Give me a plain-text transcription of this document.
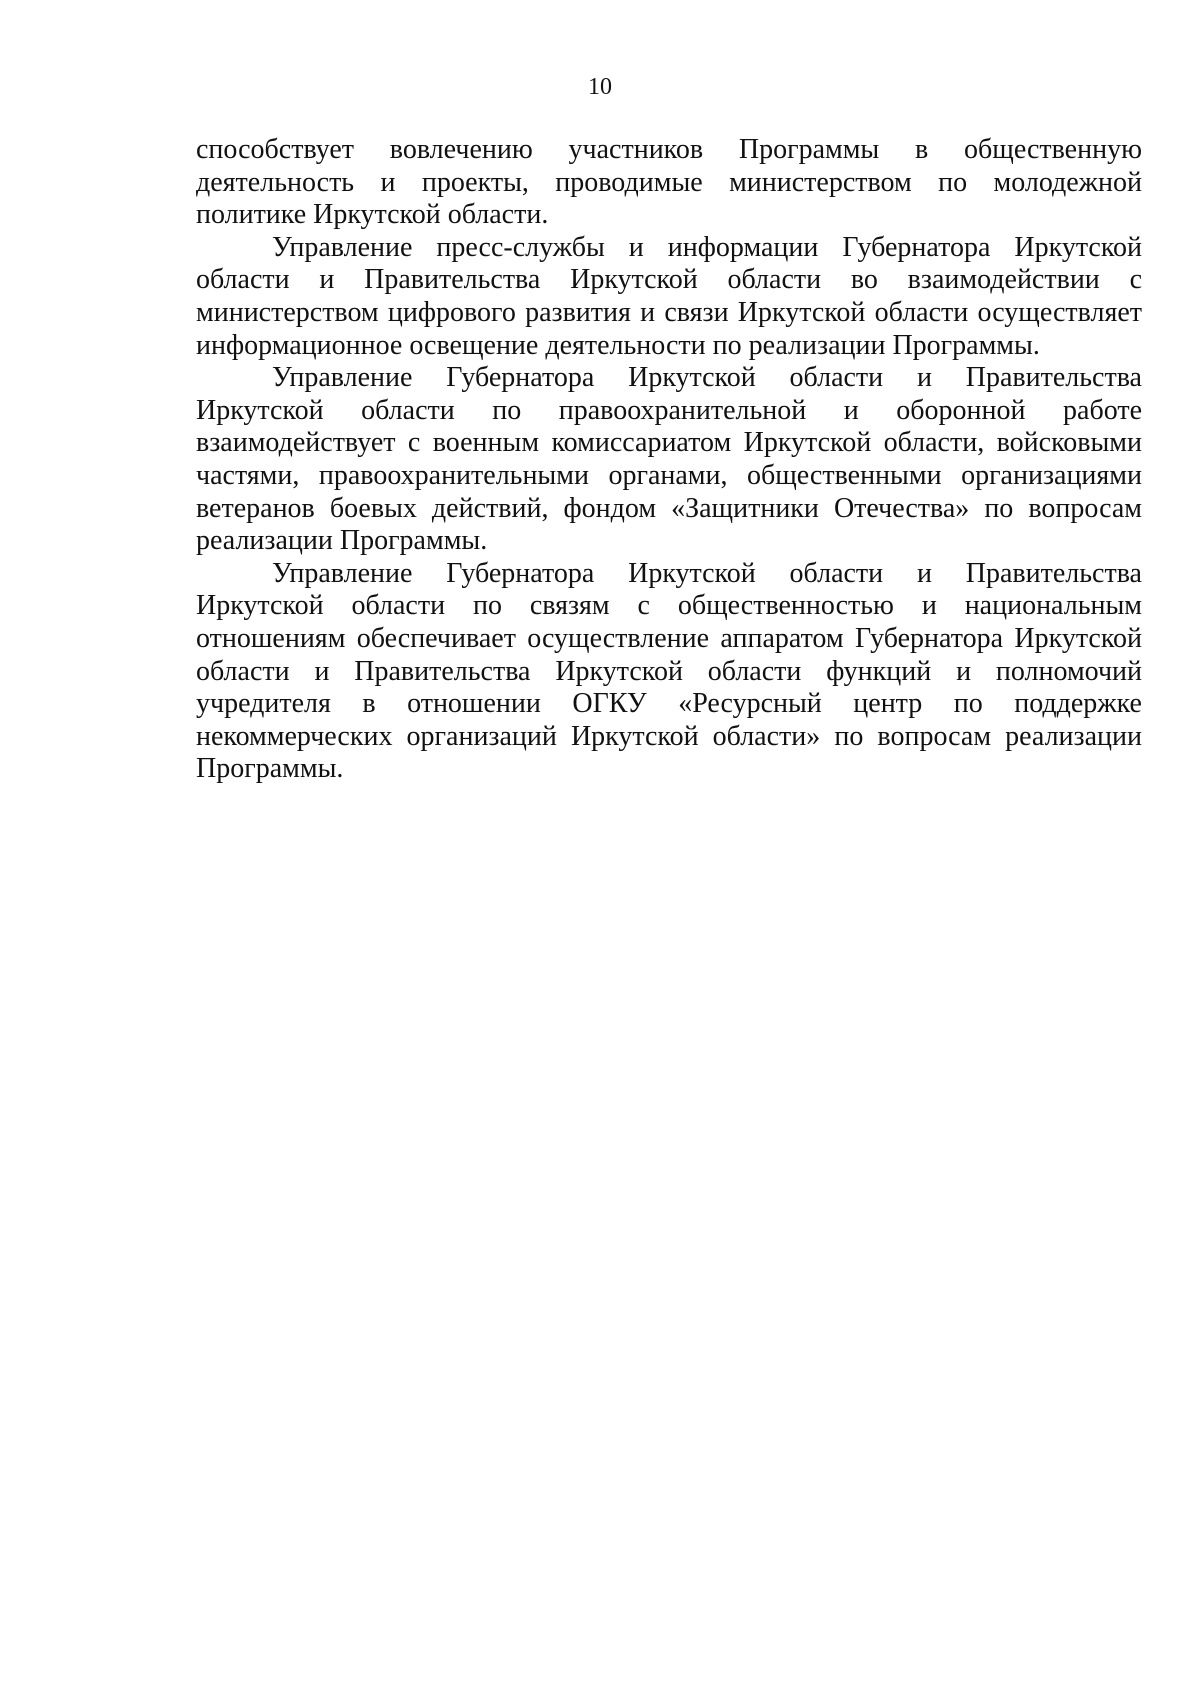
10

способствует вовлечению участников Программы в общественную деятельность и проекты, проводимые министерством по молодежной политике Иркутской области.

Управление пресс-службы и информации Губернатора Иркутской области и Правительства Иркутской области во взаимодействии с министерством цифрового развития и связи Иркутской области осуществляет информационное освещение деятельности по реализации Программы.

Управление Губернатора Иркутской области и Правительства Иркутской области по правоохранительной и оборонной работе взаимодействует с военным комиссариатом Иркутской области, войсковыми частями, правоохранительными органами, общественными организациями ветеранов боевых действий, фондом «Защитники Отечества» по вопросам реализации Программы.

Управление Губернатора Иркутской области и Правительства Иркутской области по связям с общественностью и национальным отношениям обеспечивает осуществление аппаратом Губернатора Иркутской области и Правительства Иркутской области функций и полномочий учредителя в отношении ОГКУ «Ресурсный центр по поддержке некоммерческих организаций Иркутской области» по вопросам реализации Программы.
